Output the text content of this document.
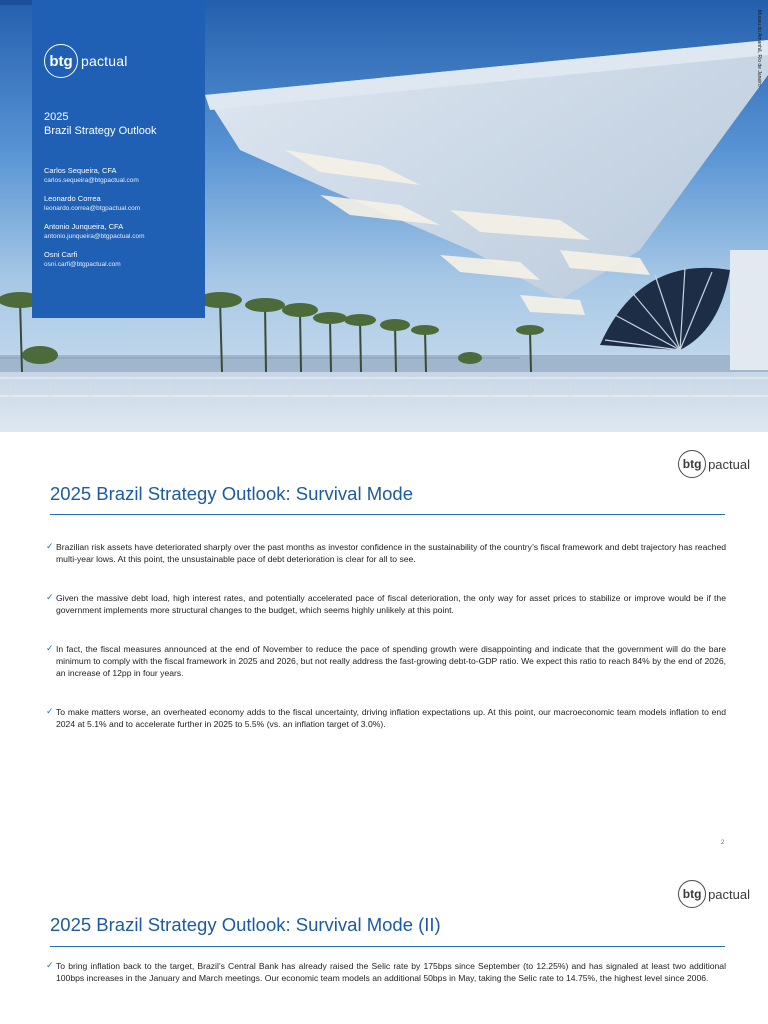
btg pactual
2025
Brazil Strategy Outlook
Carlos Sequeira, CFA
carlos.sequeira@btgpactual.com
Leonardo Correa
leonardo.correa@btgpactual.com
Antonio Junqueira, CFA
antonio.junqueira@btgpactual.com
Osni Carfi
osni.carfi@btgpactual.com
Museu do Amanhã, Rio de Janeiro
btg pactual
2025 Brazil Strategy Outlook: Survival Mode
✓ Brazilian risk assets have deteriorated sharply over the past months as investor confidence in the sustainability of the country’s fiscal framework and debt trajectory has reached multi-year lows. At this point, the unsustainable pace of debt deterioration is clear for all to see.
✓ Given the massive debt load, high interest rates, and potentially accelerated pace of fiscal deterioration, the only way for asset prices to stabilize or improve would be if the government implements more structural changes to the budget, which seems highly unlikely at this point.
✓ In fact, the fiscal measures announced at the end of November to reduce the pace of spending growth were disappointing and indicate that the government will do the bare minimum to comply with the fiscal framework in 2025 and 2026, but not really address the fast-growing debt-to-GDP ratio. We expect this ratio to reach 84% by the end of 2026, an increase of 12pp in four years.
✓ To make matters worse, an overheated economy adds to the fiscal uncertainty, driving inflation expectations up. At this point, our macroeconomic team models inflation to end 2024 at 5.1% and to accelerate further in 2025 to 5.5% (vs. an inflation target of 3.0%).
2
btg pactual
2025 Brazil Strategy Outlook: Survival Mode (II)
✓ To bring inflation back to the target, Brazil’s Central Bank has already raised the Selic rate by 175bps since September (to 12.25%) and has signaled at least two additional 100bps increases in the January and March meetings. Our economic team models an additional 50bps in May, taking the Selic rate to 14.75%, the highest level since 2006.
